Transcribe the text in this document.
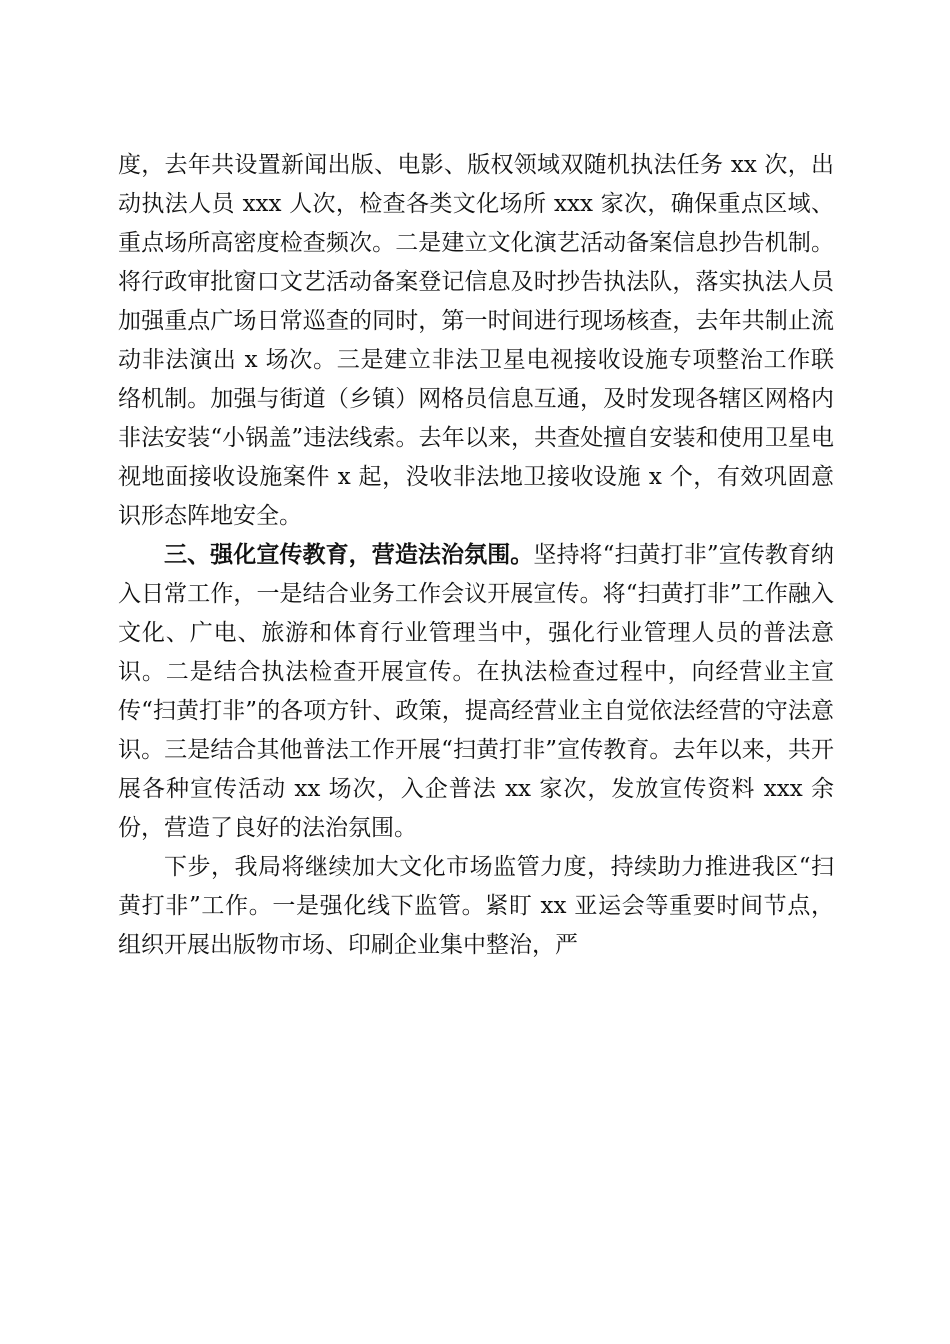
度，去年共设置新闻出版、电影、版权领域双随机执法任务 xx 次，出动执法人员 xxx 人次，检查各类文化场所 xxx 家次，确保重点区域、重点场所高密度检查频次。二是建立文化演艺活动备案信息抄告机制。将行政审批窗口文艺活动备案登记信息及时抄告执法队，落实执法人员加强重点广场日常巡查的同时，第一时间进行现场核查，去年共制止流动非法演出 x 场次。三是建立非法卫星电视接收设施专项整治工作联络机制。加强与街道（乡镇）网格员信息互通，及时发现各辖区网格内非法安装“小锅盖”违法线索。去年以来，共查处擅自安装和使用卫星电视地面接收设施案件 x 起，没收非法地卫接收设施 x 个，有效巩固意识形态阵地安全。

三、强化宣传教育，营造法治氛围。坚持将“扫黄打非”宣传教育纳入日常工作，一是结合业务工作会议开展宣传。将“扫黄打非”工作融入文化、广电、旅游和体育行业管理当中，强化行业管理人员的普法意识。二是结合执法检查开展宣传。在执法检查过程中，向经营业主宣传“扫黄打非”的各项方针、政策，提高经营业主自觉依法经营的守法意识。三是结合其他普法工作开展“扫黄打非”宣传教育。去年以来，共开展各种宣传活动 xx 场次，入企普法 xx 家次，发放宣传资料 xxx 余份，营造了良好的法治氛围。

下步，我局将继续加大文化市场监管力度，持续助力推进我区“扫黄打非”工作。一是强化线下监管。紧盯 xx 亚运会等重要时间节点，组织开展出版物市场、印刷企业集中整治，严
